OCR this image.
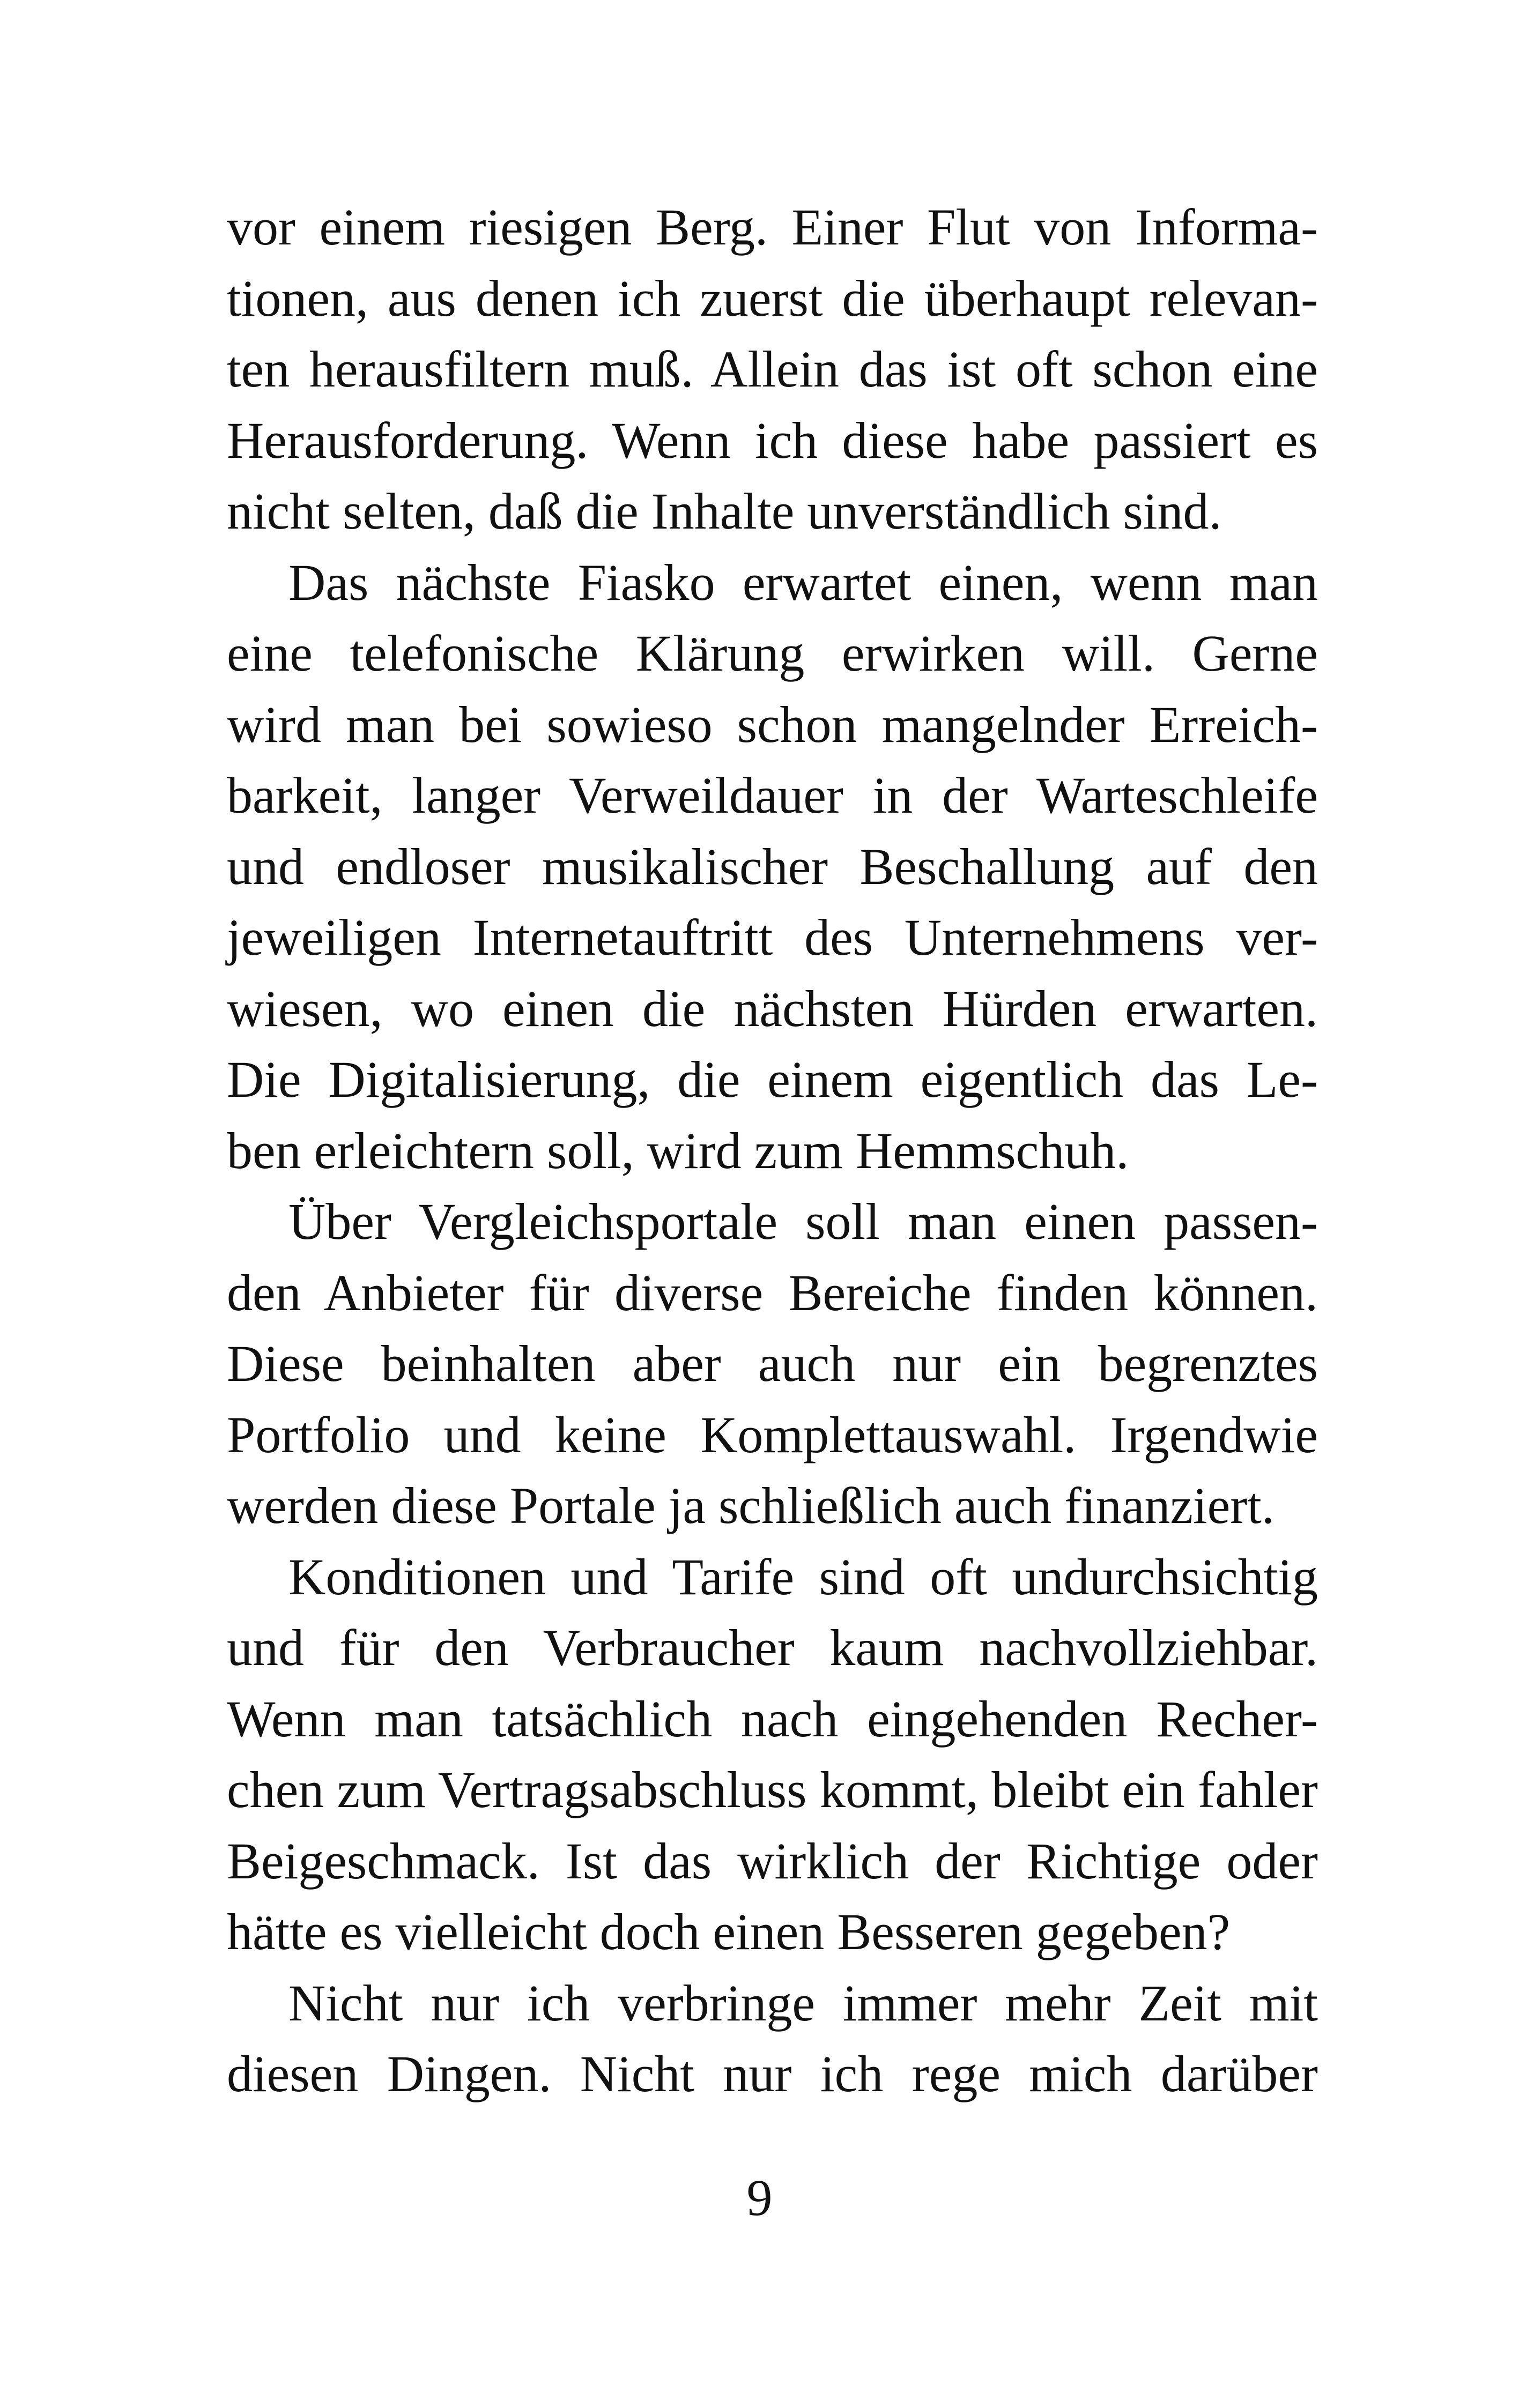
vor einem riesigen Berg. Einer Flut von Informa-
tionen, aus denen ich zuerst die überhaupt relevan-
ten herausfiltern muß. Allein das ist oft schon eine
Herausforderung. Wenn ich diese habe passiert es
nicht selten, daß die Inhalte unverständlich sind.
Das nächste Fiasko erwartet einen, wenn man
eine telefonische Klärung erwirken will. Gerne
wird man bei sowieso schon mangelnder Erreich-
barkeit, langer Verweildauer in der Warteschleife
und endloser musikalischer Beschallung auf den
jeweiligen Internetauftritt des Unternehmens ver-
wiesen, wo einen die nächsten Hürden erwarten.
Die Digitalisierung, die einem eigentlich das Le-
ben erleichtern soll, wird zum Hemmschuh.
Über Vergleichsportale soll man einen passen-
den Anbieter für diverse Bereiche finden können.
Diese beinhalten aber auch nur ein begrenztes
Portfolio und keine Komplettauswahl. Irgendwie
werden diese Portale ja schließlich auch finanziert.
Konditionen und Tarife sind oft undurchsichtig
und für den Verbraucher kaum nachvollziehbar.
Wenn man tatsächlich nach eingehenden Recher-
chen zum Vertragsabschluss kommt, bleibt ein fahler
Beigeschmack. Ist das wirklich der Richtige oder
hätte es vielleicht doch einen Besseren gegeben?
Nicht nur ich verbringe immer mehr Zeit mit
diesen Dingen. Nicht nur ich rege mich darüber
9
